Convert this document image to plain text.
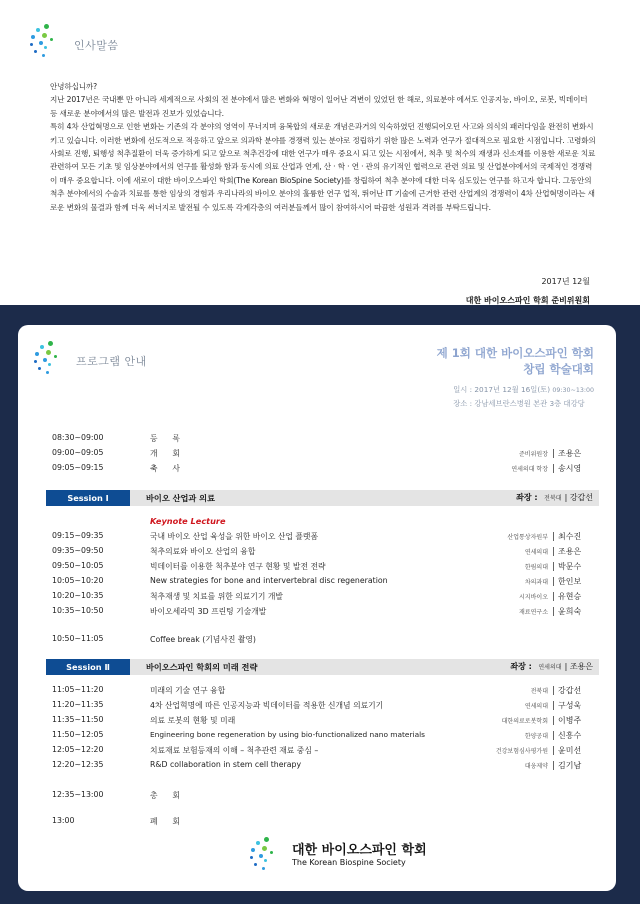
인사말씀

안녕하십니까?

지난 2017년은 국내뿐 만 아니라 세계적으로 사회의 전 분야에서 많은 변화와 혁명이 일어난 격변이 있었던 한 해로, 의료분야 에서도 인공지능, 바이오, 로봇, 빅데이터 등 새로운 분야에서의 많은 발전과 진보가 있었습니다.

특히 4차 산업혁명으로 인한 변화는 기존의 각 분야의 영역이 무너지며 융복합의 새로운 개념은과거의 익숙하였던 진행되어오던 사고와 의식의 패러다임을 완전히 변화시키고 있습니다. 이러한 변화에 선도적으로 적응하고 앞으로 의과학 분야를 경쟁력 있는 분야로 정립하기 위한 많은 노력과 연구가 절대적으로 필요한 시점입니다. 고령화의 사회로 진행, 퇴행성 척추질환이 더욱 증가하게 되고 앞으로 척추건강에 대한 연구가 매우 중요시 되고 있는 시점에서, 척추 및 척수의 재생과 신소재를 이용한 새로운 치료 관련하여 모든 기초 및 임상분야에서의 연구를 활성화 함과 동시에 의료 산업과 연계, 산 · 학 · 연 · 관의 유기적인 협력으로 관련 의료 및 산업분야에서의 국제적인 경쟁력이 매우 중요합니다. 이에 새로이 대한 바이오스파인 학회(The Korean BioSpine Society)를 창립하여 척추 분야에 대한 더욱 심도있는 연구를 하고자 합니다. 그동안의 척추 분야에서의 수술과 치료를 통한 임상의 경험과 우리나라의 바이오 분야의 훌륭한 연구 업적, 뛰어난 IT 기술에 근거한 관련 산업계의 경쟁력이 4차 산업혁명이라는 새로운 변화의 물결과 함께 더욱 써너지로 발전될 수 있도록 각계각층의 여러분들께서 많이 참여하시어 따끔한 성원과 격려를 부탁드립니다.

2017년 12월
대한 바이오스파인 학회 준비위원회
프로그램 안내
제 1회 대한 바이오스파인 학회
창립 학술대회
일시 : 2017년 12월 16일(토) 09:30~13:00
장소 : 강남세브란스병원 본관 3층 대강당
08:30~09:00	등      록
09:00~09:05	개      회	준비위원장 조용은
09:05~09:15	축      사	연세의대 학장 송시영
Session Ⅰ	바이오 산업과 의료	좌장 : 전북대 | 강갑선
Keynote Lecture
09:15~09:35	국내 바이오 산업 육성을 위한 바이오 산업 플랫폼	산업통상자원부 최수진
09:35~09:50	척추의료와 바이오 산업의 융합	연세의대 조용은
09:50~10:05	빅데이터를 이용한 척추분야 연구 현황 및 발전 전략	한림의대 박문수
10:05~10:20	New strategies for bone and intervertebral disc regeneration	차의과대 한인보
10:20~10:35	척추재생 및 치료를 위한 의료기기 개발	시지바이오 유현승
10:35~10:50	바이오세라믹 3D 프린팅 기술개발	재료연구소 윤희숙
10:50~11:05	Coffee break (기념사진 촬영)
Session Ⅱ	바이오스파인 학회의 미래 전략	좌장 : 연세의대 | 조용은
11:05~11:20	미래의 기술 연구 융합	전북대 강갑선
11:20~11:35	4차 산업혁명에 따른 인공지능과 빅데이터를 적용한 신개념 의료기기	연세의대 구성욱
11:35~11:50	의료 로봇의 현황 및 미래	대한의료로봇학회 이병주
11:50~12:05	Engineering bone regeneration by using bio-functionalized nano materials	한양공대 신흥수
12:05~12:20	치료재료 보험등재의 이해 – 척추관련 재료 중심 –	건강보험심사평가원 윤미선
12:20~12:35	R&D collaboration in stem cell therapy	대웅제약 김기남
12:35~13:00	총      회
13:00	폐      회
대한 바이오스파인 학회
The Korean Biospine Society
